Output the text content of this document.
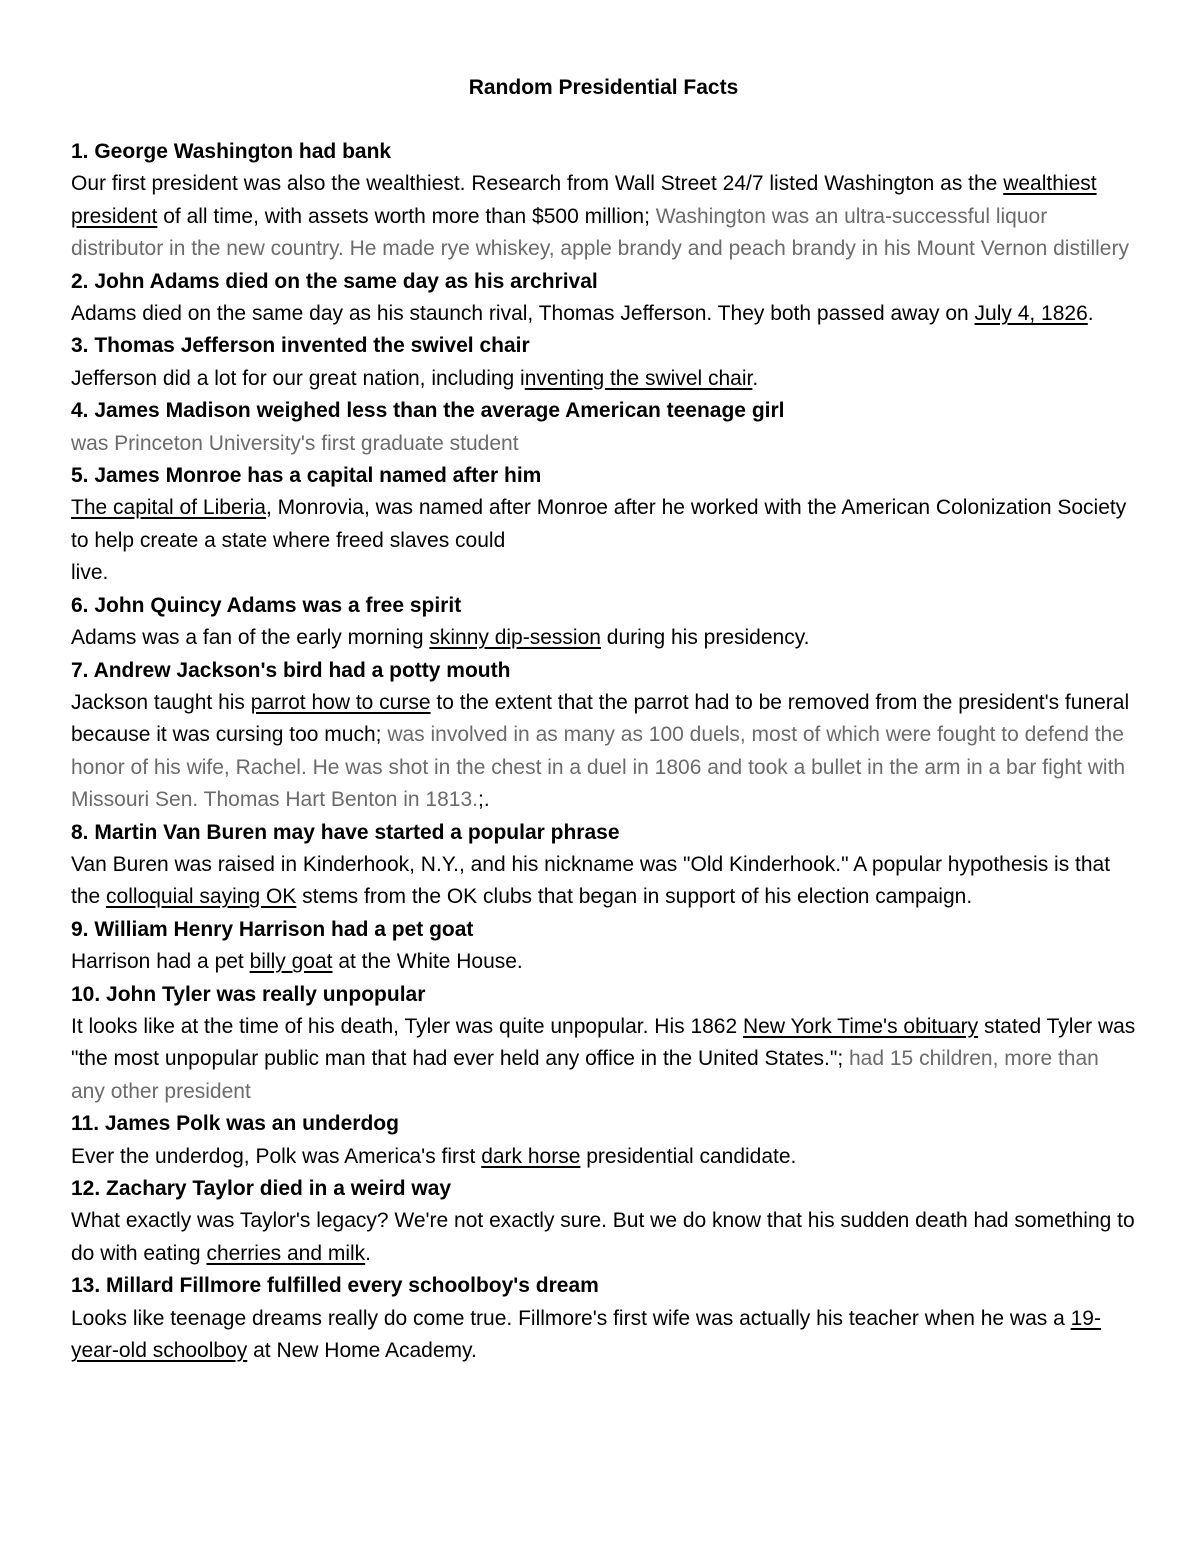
Random Presidential Facts
1. George Washington had bank
Our first president was also the wealthiest. Research from Wall Street 24/7 listed Washington as the wealthiest president of all time, with assets worth more than $500 million; Washington was an ultra-successful liquor distributor in the new country. He made rye whiskey, apple brandy and peach brandy in his Mount Vernon distillery
2. John Adams died on the same day as his archrival
Adams died on the same day as his staunch rival, Thomas Jefferson. They both passed away on July 4, 1826.
3. Thomas Jefferson invented the swivel chair
Jefferson did a lot for our great nation, including inventing the swivel chair.
4. James Madison weighed less than the average American teenage girl
was Princeton University's first graduate student
5. James Monroe has a capital named after him
The capital of Liberia, Monrovia, was named after Monroe after he worked with the American Colonization Society to help create a state where freed slaves could
live.
6. John Quincy Adams was a free spirit
Adams was a fan of the early morning skinny dip-session during his presidency.
7. Andrew Jackson's bird had a potty mouth
Jackson taught his parrot how to curse to the extent that the parrot had to be removed from the president's funeral because it was cursing too much; was involved in as many as 100 duels, most of which were fought to defend the honor of his wife, Rachel. He was shot in the chest in a duel in 1806 and took a bullet in the arm in a bar fight with Missouri Sen. Thomas Hart Benton in 1813.;.
8. Martin Van Buren may have started a popular phrase
Van Buren was raised in Kinderhook, N.Y., and his nickname was "Old Kinderhook." A popular hypothesis is that the colloquial saying OK stems from the OK clubs that began in support of his election campaign.
9. William Henry Harrison had a pet goat
Harrison had a pet billy goat at the White House.
10. John Tyler was really unpopular
It looks like at the time of his death, Tyler was quite unpopular. His 1862 New York Time's obituary stated Tyler was "the most unpopular public man that had ever held any office in the United States."; had 15 children, more than any other president
11. James Polk was an underdog
Ever the underdog, Polk was America's first dark horse presidential candidate.
12. Zachary Taylor died in a weird way
What exactly was Taylor's legacy? We're not exactly sure. But we do know that his sudden death had something to do with eating cherries and milk.
13. Millard Fillmore fulfilled every schoolboy's dream
Looks like teenage dreams really do come true. Fillmore's first wife was actually his teacher when he was a 19-year-old schoolboy at New Home Academy.
